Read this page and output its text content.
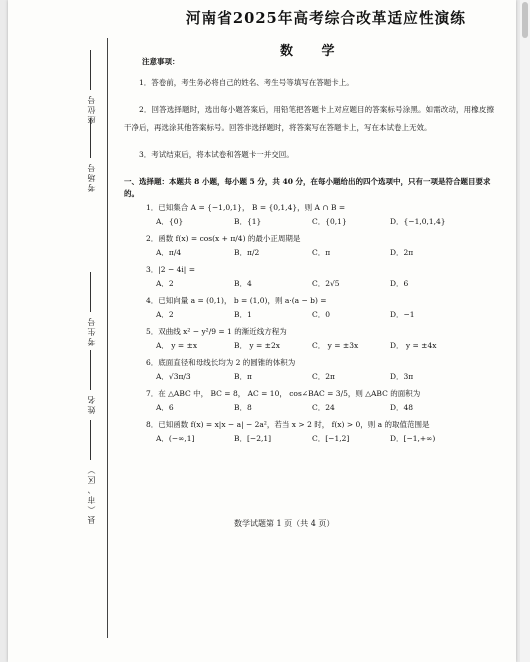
座位号
考场号
考生号
姓名
县（市、区）
河南省2025年高考综合改革适应性演练
数 学
注意事项：
1．答卷前，考生务必将自己的姓名、考生号等填写在答题卡上。
2．回答选择题时，选出每小题答案后，用铅笔把答题卡上对应题目的答案标号涂黑。如需改动，用橡皮擦干净后，再选涂其他答案标号。回答非选择题时，将答案写在答题卡上，写在本试卷上无效。
3．考试结束后，将本试卷和答题卡一并交回。
一、选择题：本题共 8 小题，每小题 5 分，共 40 分，在每小题给出的四个选项中，只有一项是符合题目要求的。
1．已知集合 A = {−1,0,1}， B = {0,1,4}，则 A ∩ B =
A．{0}	B．{1}	C．{0,1}	D．{−1,0,1,4}
2．函数 f(x) = cos(x + π/4) 的最小正周期是
A．π/4	B．π/2	C．π	D．2π
3．|2 − 4i| =
A．2	B．4	C．2√5	D．6
4．已知向量 a = (0,1)， b = (1,0)，则 a·(a − b) =
A．2	B．1	C．0	D．−1
5．双曲线 x² − y²/9 = 1 的渐近线方程为
A． y = ±x	B． y = ±2x	C． y = ±3x	D． y = ±4x
6．底面直径和母线长均为 2 的圆锥的体积为
A．√3π/3	B．π	C．2π	D．3π
7．在 △ABC 中， BC = 8， AC = 10， cos∠BAC = 3/5，则 △ABC 的面积为
A．6	B．8	C．24	D．48
8．已知函数 f(x) = x|x − a| − 2a²，若当 x > 2 时， f(x) > 0，则 a 的取值范围是
A．(−∞,1]	B．[−2,1]	C．[−1,2]	D．[−1,+∞)
数学试题第 1 页（共 4 页）
